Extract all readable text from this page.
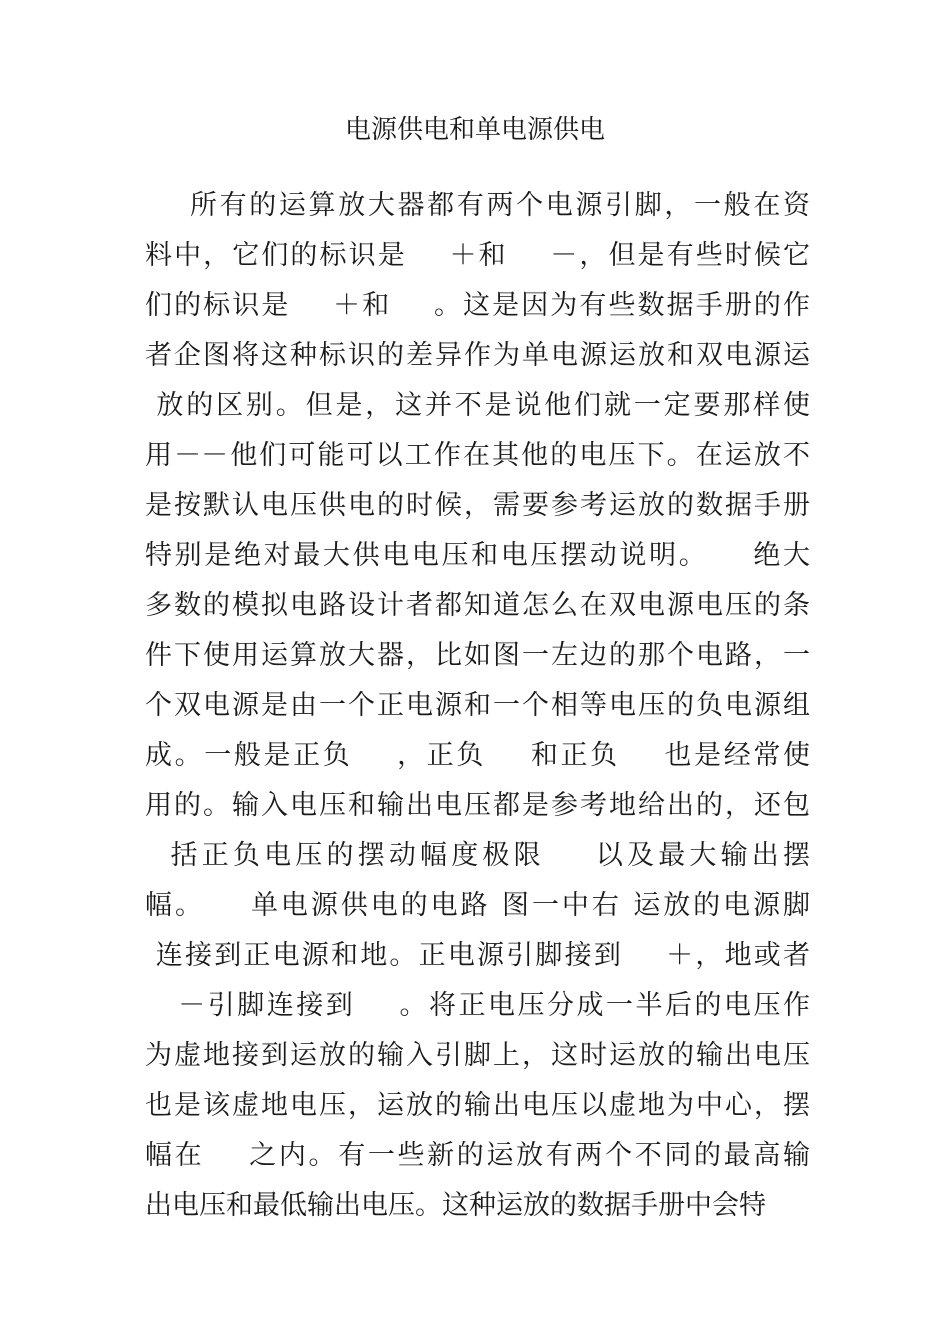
电源供电和单电源供电
所有的运算放大器都有两个电源引脚，一般在资
料中，它们的标识是    ＋和    －，但是有些时候它
们的标识是    ＋和    。这是因为有些数据手册的作
者企图将这种标识的差异作为单电源运放和双电源运
放的区别。但是，这并不是说他们就一定要那样使
用－－他们可能可以工作在其他的电压下。在运放不
是按默认电压供电的时候，需要参考运放的数据手册
特别是绝对最大供电电压和电压摆动说明。    绝大
多数的模拟电路设计者都知道怎么在双电源电压的条
件下使用运算放大器，比如图一左边的那个电路，一
个双电源是由一个正电源和一个相等电压的负电源组
成。一般是正负    ，正负    和正负    也是经常使
用的。输入电压和输出电压都是参考地给出的，还包
括正负电压的摆动幅度极限    以及最大输出摆
幅。    单电源供电的电路 图一中右 运放的电源脚
连接到正电源和地。正电源引脚接到    ＋，地或者
－引脚连接到    。将正电压分成一半后的电压作
为虚地接到运放的输入引脚上，这时运放的输出电压
也是该虚地电压，运放的输出电压以虚地为中心，摆
幅在    之内。有一些新的运放有两个不同的最高输
出电压和最低输出电压。这种运放的数据手册中会特
